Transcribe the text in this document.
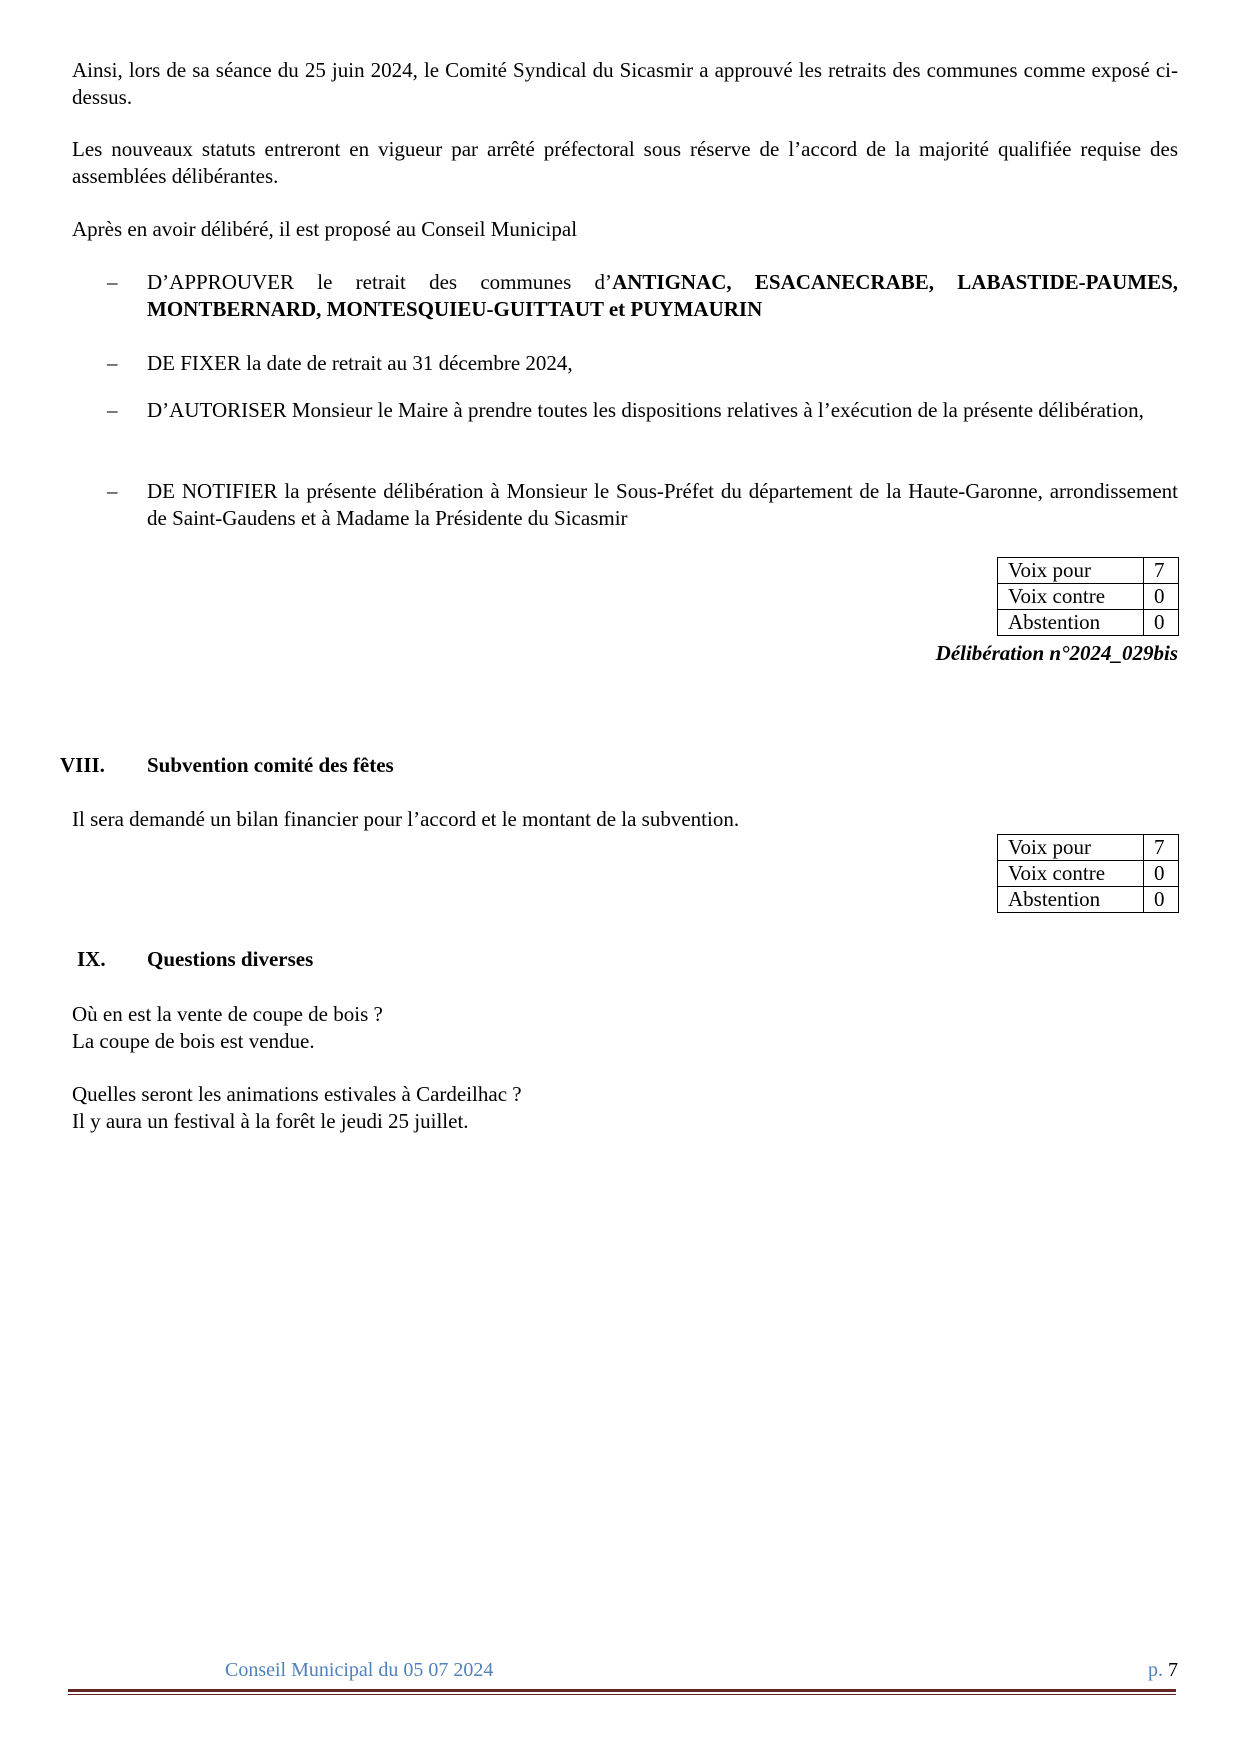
Ainsi, lors de sa séance du 25 juin 2024, le Comité Syndical du Sicasmir a approuvé les retraits des communes comme exposé ci-dessus.

Les nouveaux statuts entreront en vigueur par arrêté préfectoral sous réserve de l’accord de la majorité qualifiée requise des assemblées délibérantes.

Après en avoir délibéré, il est proposé au Conseil Municipal

–	D’APPROUVER le retrait des communes d’ANTIGNAC, ESACANECRABE, LABASTIDE-PAUMES, MONTBERNARD, MONTESQUIEU-GUITTAUT et PUYMAURIN
–	DE FIXER la date de retrait au 31 décembre 2024,
–	D’AUTORISER Monsieur le Maire à prendre toutes les dispositions relatives à l’exécution de la présente délibération,
–	DE NOTIFIER la présente délibération à Monsieur le Sous-Préfet du département de la Haute-Garonne, arrondissement de Saint-Gaudens et à Madame la Présidente du Sicasmir
Voix pour	7
Voix contre	0
Abstention	0
Délibération n°2024_029bis
VIII. Subvention comité des fêtes

Il sera demandé un bilan financier pour l’accord et le montant de la subvention.

Voix pour	7
Voix contre	0
Abstention	0
IX. Questions diverses
Où en est la vente de coupe de bois ?
La coupe de bois est vendue.
Quelles seront les animations estivales à Cardeilhac ?
Il y aura un festival à la forêt le jeudi 25 juillet.
Conseil Municipal du 05 07 2024	p. 7
